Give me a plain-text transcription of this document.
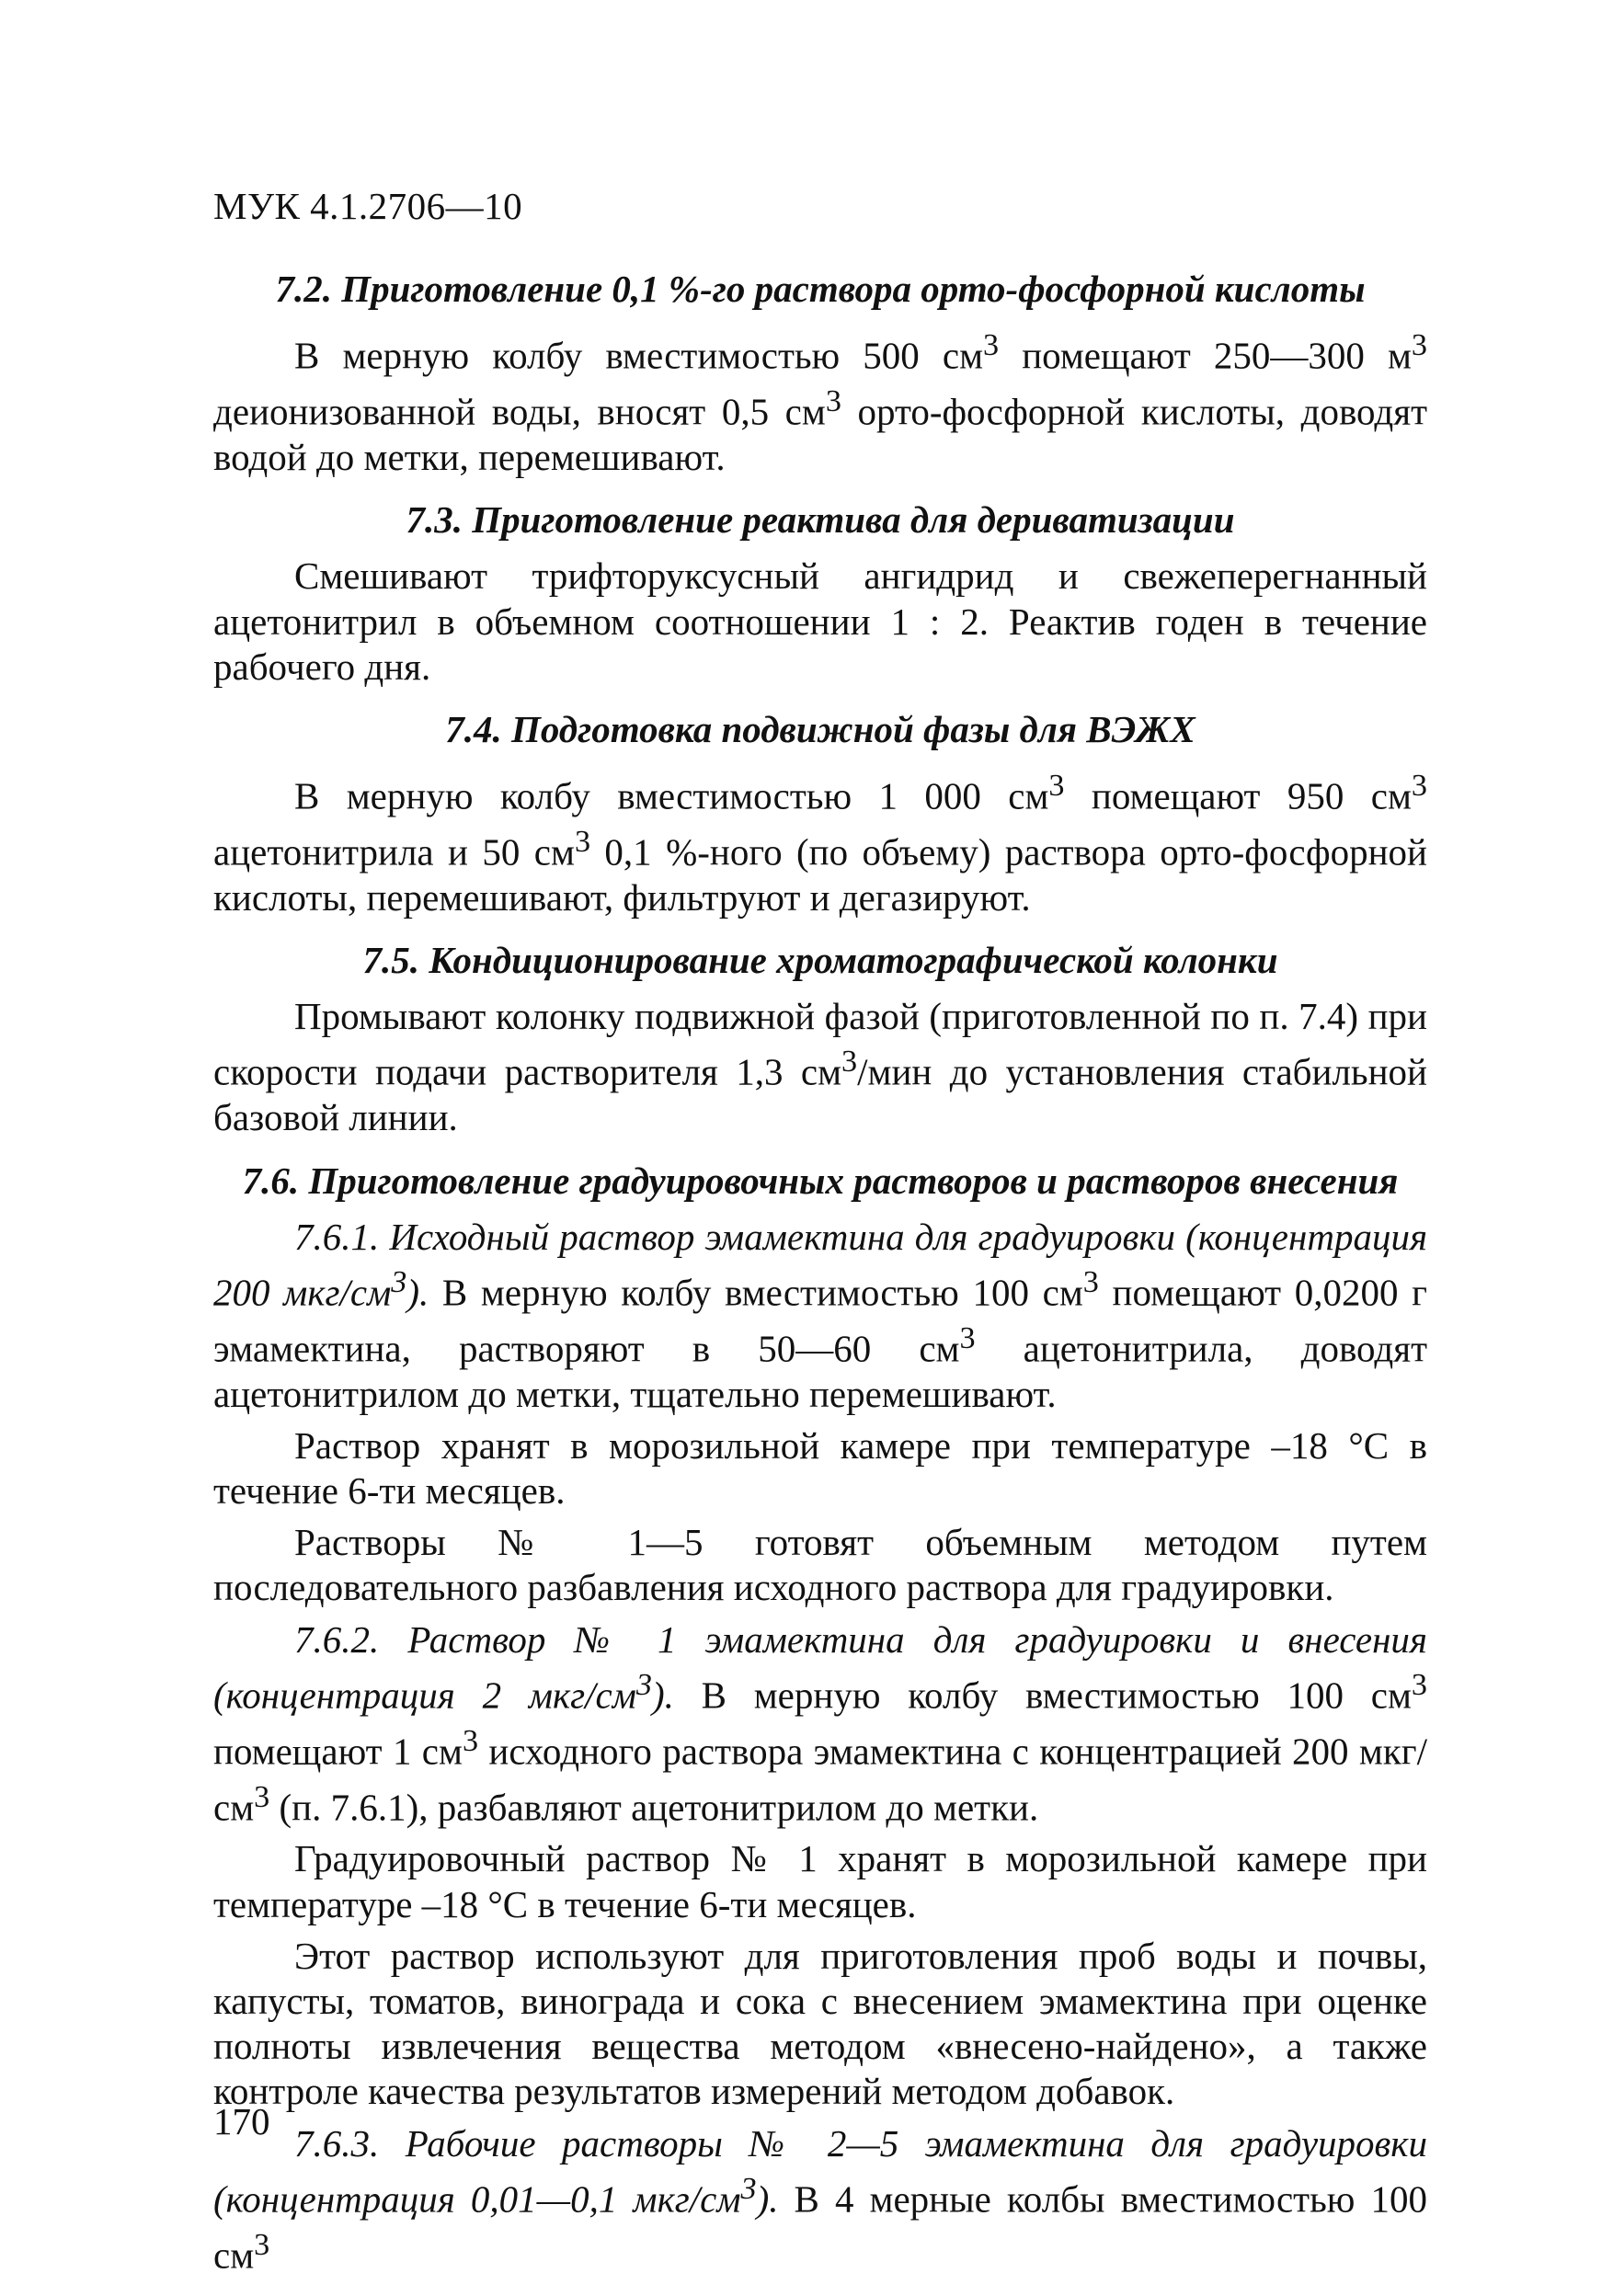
МУК 4.1.2706—10
7.2. Приготовление 0,1 %-го раствора орто-фосфорной кислоты

В мерную колбу вместимостью 500 $см^3$ помещают 250—300 $м^3$ деионизованной воды, вносят 0,5 $см^3$ орто-фосфорной кислоты, доводят водой до метки, перемешивают.

7.3. Приготовление реактива для дериватизации

Смешивают трифторуксусный ангидрид и свежеперегнанный ацетонитрил в объемном соотношении 1 : 2. Реактив годен в течение рабочего дня.

7.4. Подготовка подвижной фазы для ВЭЖХ

В мерную колбу вместимостью 1 000 $см^3$ помещают 950 $см^3$ ацетонитрила и 50 $см^3$ 0,1 %-ного (по объему) раствора орто-фосфорной кислоты, перемешивают, фильтруют и дегазируют.

7.5. Кондиционирование хроматографической колонки

Промывают колонку подвижной фазой (приготовленной по п. 7.4) при скорости подачи растворителя 1,3 $см^3$/мин до установления стабильной базовой линии.

7.6. Приготовление градуировочных растворов и растворов внесения

7.6.1. Исходный раствор эмамектина для градуировки (концентрация 200 мкг/$см^3$). В мерную колбу вместимостью 100 $см^3$ помещают 0,0200 г эмамектина, растворяют в 50—60 $см^3$ ацетонитрила, доводят ацетонитрилом до метки, тщательно перемешивают.

Раствор хранят в морозильной камере при температуре –18 °С в течение 6-ти месяцев.

Растворы № 1—5 готовят объемным методом путем последовательного разбавления исходного раствора для градуировки.

7.6.2. Раствор № 1 эмамектина для градуировки и внесения (концентрация 2 мкг/$см^3$). В мерную колбу вместимостью 100 $см^3$ помещают 1 $см^3$ исходного раствора эмамектина с концентрацией 200 мкг/$см^3$ (п. 7.6.1), разбавляют ацетонитрилом до метки.

Градуировочный раствор № 1 хранят в морозильной камере при температуре –18 °С в течение 6-ти месяцев.

Этот раствор используют для приготовления проб воды и почвы, капусты, томатов, винограда и сока с внесением эмамектина при оценке полноты извлечения вещества методом «внесено-найдено», а также контроле качества результатов измерений методом добавок.

7.6.3. Рабочие растворы № 2—5 эмамектина для градуировки (концентрация 0,01—0,1 мкг/$см^3$). В 4 мерные колбы вместимостью 100 $см^3$

170
